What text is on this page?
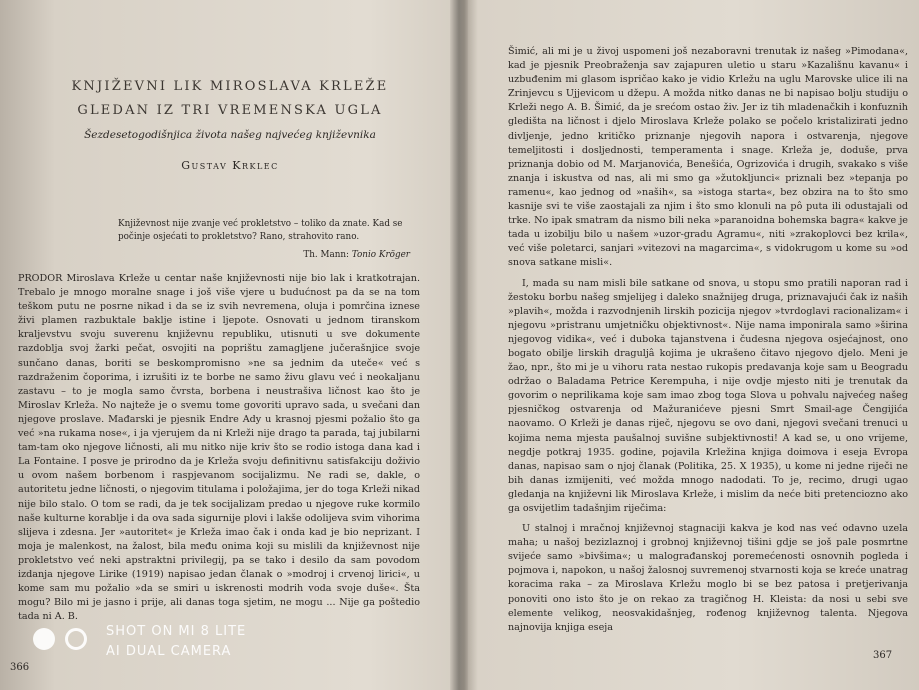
KNJIŽEVNI LIK MIROSLAVA KRLEŽE
GLEDAN IZ TRI VREMENSKA UGLA
Šezdesetogodišnjica života našeg najvećeg književnika
Gustav Krklec
Književnost nije zvanje već prokletstvo – toliko da znate. Kad se počinje osjećati to prokletstvo? Rano, strahovito rano.
Th. Mann: Tonio Kröger

PRODOR Miroslava Krleže u centar naše književnosti nije bio lak i kratkotrajan. Trebalo je mnogo moralne snage i još više vjere u budućnost pa da se na tom teškom putu ne posrne nikad i da se iz svih nevremena, oluja i pomrčina iznese živi plamen razbuktale baklje istine i ljepote. Osnovati u jednom tiranskom kraljevstvu svoju suverenu književnu republiku, utisnuti u sve dokumente razdoblja svoj žarki pečat, osvojiti na poprištu zamagljene jučerašnjice svoje sunčano danas, boriti se beskompromisno »ne sa jednim da uteče« već s razdraženim čoporima, i izrušiti iz te borbe ne samo živu glavu već i neokaljanu zastavu – to je mogla samo čvrsta, borbena i neustrašiva ličnost kao što je Miroslav Krleža. No najteže je o svemu tome govoriti upravo sada, u svečani dan njegove proslave. Mađarski je pjesnik Endre Ady u krasnoj pjesmi požalio što ga već »na rukama nose«, i ja vjerujem da ni Krleži nije drago ta parada, taj jubilarni tam-tam oko njegove ličnosti, ali mu nitko nije kriv što se rodio istoga dana kad i La Fontaine. I posve je prirodno da je Krleža svoju definitivnu satisfakciju doživio u ovom našem borbenom i raspjevanom socijalizmu. Ne radi se, dakle, o autoritetu jedne ličnosti, o njegovim titulama i položajima, jer do toga Krleži nikad nije bilo stalo. O tom se radi, da je tek socijalizam predao u njegove ruke kormilo naše kulturne korablje i da ova sada sigurnije plovi i lakše odolijeva svim vihorima slijeva i zdesna. Jer »autoritet« je Krleža imao čak i onda kad je bio neprizant. I moja je malenkost, na žalost, bila među onima koji su mislili da književnost nije prokletstvo već neki apstraktni privilegij, pa se tako i desilo da sam povodom izdanja njegove Lirike (1919) napisao jedan članak o »modroj i crvenoj lirici«, u kome sam mu požalio »da se smiri u iskrenosti modrih voda svoje duše«. Šta mogu? Bilo mi je jasno i prije, ali danas toga sjetim, ne mogu ... Nije ga poštedio tada ni A. B.

366

Šimić, ali mi je u živoj uspomeni još nezaboravni trenutak iz našeg »Pimodana«, kad je pjesnik Preobraženja sav zajapuren uletio u staru »Kazališnu kavanu« i uzbuđenim mi glasom ispričao kako je vidio Krležu na uglu Marovske ulice ili na Zrinjevcu s Ujjevicom u džepu. A možda nitko danas ne bi napisao bolju studiju o Krleži nego A. B. Šimić, da je srećom ostao živ. Jer iz tih mladenačkih i konfuznih gledišta na ličnost i djelo Miroslava Krleže polako se počelo kristalizirati jedno divljenje, jedno kritičko priznanje njegovih napora i ostvarenja, njegove temeljitosti i dosljednosti, temperamenta i snage. Krleža je, doduše, prva priznanja dobio od M. Marjanovića, Benešića, Ogrizovića i drugih, svakako s više znanja i iskustva od nas, ali mi smo ga »žutokljunci« priznali bez »tepanja po ramenu«, kao jednog od »naših«, sa »istoga starta«, bez obzira na to što smo kasnije svi te više zaostajali za njim i što smo klonuli na pô puta ili odustajali od trke. No ipak smatram da nismo bili neka »paranoidna bohemska bagra« kakve je tada u izobilju bilo u našem »uzor-gradu Agramu«, niti »zrakoplovci bez krila«, već više poletarci, sanjari »vitezovi na magarcima«, s vidokrugom u kome su »od snova satkane misli«.

I, mada su nam misli bile satkane od snova, u stopu smo pratili naporan rad i žestoku borbu našeg smjelijeg i daleko snažnijeg druga, priznavajući čak iz naših »plavih«, možda i razvodnjenih lirskih pozicija njegov »tvrdoglavi racionalizam« i njegovu »pristranu umjetničku objektivnost«. Nije nama imponirala samo »širina njegovog vidika«, već i dubokа tajanstvena i čudesna njegova osjećajnost, ono bogato obilje lirskih draguljâ kojima je ukrašeno čitavo njegovo djelo. Meni je žao, npr., što mi je u vihoru rata nestao rukopis predavanja koje sam u Beogradu održao o Baladama Petrice Kerempuha, i nije ovdje mjesto niti je trenutak da govorim o neprilikama koje sam imao zbog toga Slova u pohvalu najvećeg našeg pjesničkog ostvarenja od Mažuranićeve pjesni Smrt Smail-age Čengijića naovamo. O Krleži je danas riječ, njegovu se ovo dani, njegovi svečani trenuci u kojima nema mjesta paušalnoj suvišne subjektivnosti! A kad se, u ono vrijeme, negdje potkraj 1935. godine, pojavila Krležina knjiga doimova i eseja Evropa danas, napisao sam o njoj članak (Politika, 25. X 1935), u kome ni jedne riječi ne bih danas izmijeniti, već možda mnogo nadodati. To je, recimo, drugi ugao gledanja na književni lik Miroslava Krleže, i mislim da neće biti pretenciozno ako ga osvijetlim tadašnjim riječima:

U stalnoj i mračnoj književnoj stagnaciji kakva je kod nas već odavno uzela maha; u našoj bezizlaznoj i grobnoj književnoj tišini gdje se još pale posmrtne svijeće samo »bivšima«; u malograđanskoj poremećenosti osnovnih pogleda i pojmova i, napokon, u našoj žalosnoj suvremenoj stvarnosti koja se kreće unatrag koracima raka – za Miroslava Krležu moglo bi se bez patosa i pretjerivanja ponoviti ono isto što je on rekao za tragičnog H. Kleista: da nosi u sebi sve elemente velikog, neosvakidašnjeg, rođenog književnog talenta. Njegova najnovija knjiga eseja

367
SHOT ON MI 8 LITE
AI DUAL CAMERA
